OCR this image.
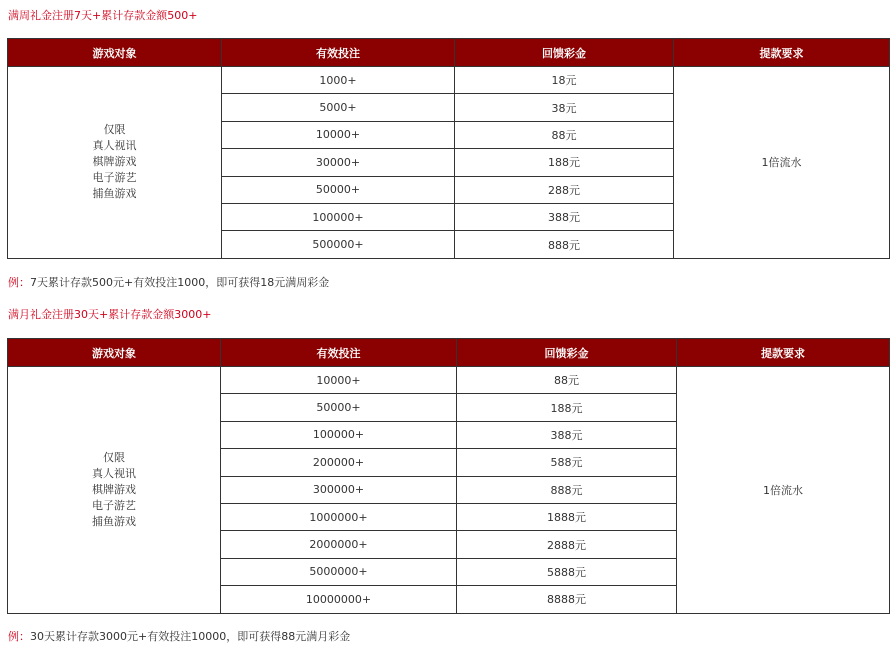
满周礼金注册7天+累计存款金额500+
游戏对象	有效投注	回馈彩金	提款要求

仅限
真人视讯
棋牌游戏
电子游艺
捕鱼游戏	1000+	18元	1倍流水
	5000+	38元	
	10000+	88元	
	30000+	188元	
	50000+	288元	
	100000+	388元	
	500000+	888元	
例：7天累计存款500元+有效投注1000，即可获得18元满周彩金
满月礼金注册30天+累计存款金额3000+
游戏对象	有效投注	回馈彩金	提款要求

仅限
真人视讯
棋牌游戏
电子游艺
捕鱼游戏	10000+	88元	1倍流水
	50000+	188元	
	100000+	388元	
	200000+	588元	
	300000+	888元	
	1000000+	1888元	
	2000000+	2888元	
	5000000+	5888元	
	10000000+	8888元	
例：30天累计存款3000元+有效投注10000，即可获得88元满月彩金
